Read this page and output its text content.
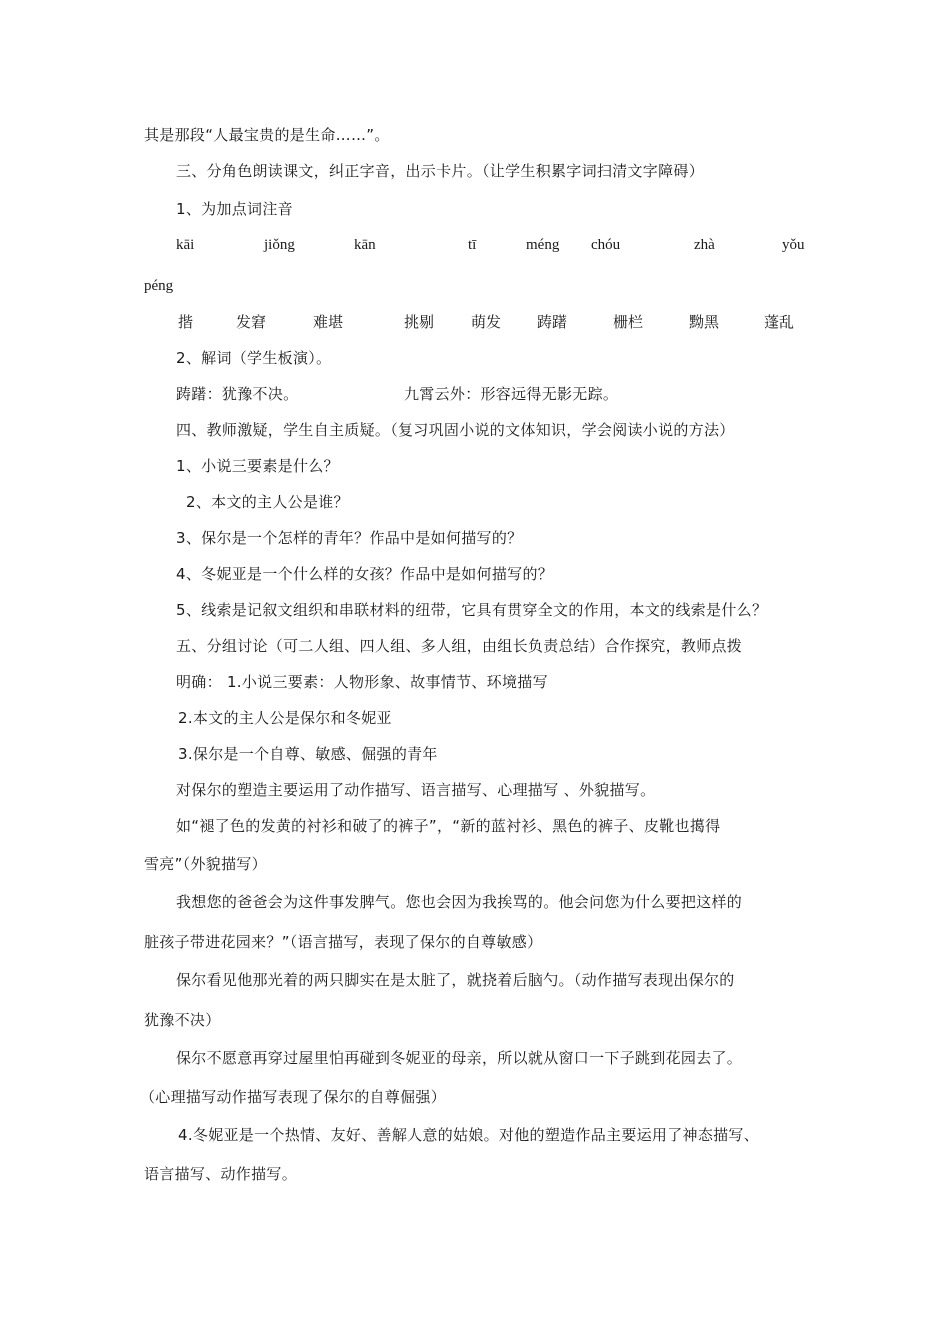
其是那段“人最宝贵的是生命……”。
三、分角色朗读课文，纠正字音，出示卡片。（让学生积累字词扫清文字障碍）
1、为加点词注音
kāi	jiǒng	kān	tī	méng chóu	zhà	yǒu
péng
揩	发窘	难堪	挑剔 萌发 踌躇	栅栏	黝黑	蓬乱
2、解词（学生板演）。
踌躇：犹豫不决。	九霄云外：形容远得无影无踪。
四、教师激疑，学生自主质疑。（复习巩固小说的文体知识，学会阅读小说的方法）
1、小说三要素是什么？
2、本文的主人公是谁？
3、保尔是一个怎样的青年？作品中是如何描写的？
4、冬妮亚是一个什么样的女孩？作品中是如何描写的？
5、线索是记叙文组织和串联材料的纽带，它具有贯穿全文的作用，本文的线索是什么？
五、分组讨论（可二人组、四人组、多人组，由组长负责总结）合作探究，教师点拨
明确： 1.小说三要素：人物形象、故事情节、环境描写
2.本文的主人公是保尔和冬妮亚
3.保尔是一个自尊、敏感、倔强的青年
对保尔的塑造主要运用了动作描写、语言描写、心理描写 、外貌描写。
如“褪了色的发黄的衬衫和破了的裤子”，“新的蓝衬衫、黑色的裤子、皮靴也擖得
雪亮”（外貌描写）
我想您的爸爸会为这件事发脾气。您也会因为我挨骂的。他会问您为什么要把这样的
脏孩子带进花园来？”（语言描写，表现了保尔的自尊敏感）
保尔看见他那光着的两只脚实在是太脏了，就挠着后脑勺。（动作描写表现出保尔的
犹豫不决）
保尔不愿意再穿过屋里怕再碰到冬妮亚的母亲，所以就从窗口一下子跳到花园去了。
（心理描写动作描写表现了保尔的自尊倔强）
4.冬妮亚是一个热情、友好、善解人意的姑娘。对他的塑造作品主要运用了神态描写、
语言描写、动作描写。
